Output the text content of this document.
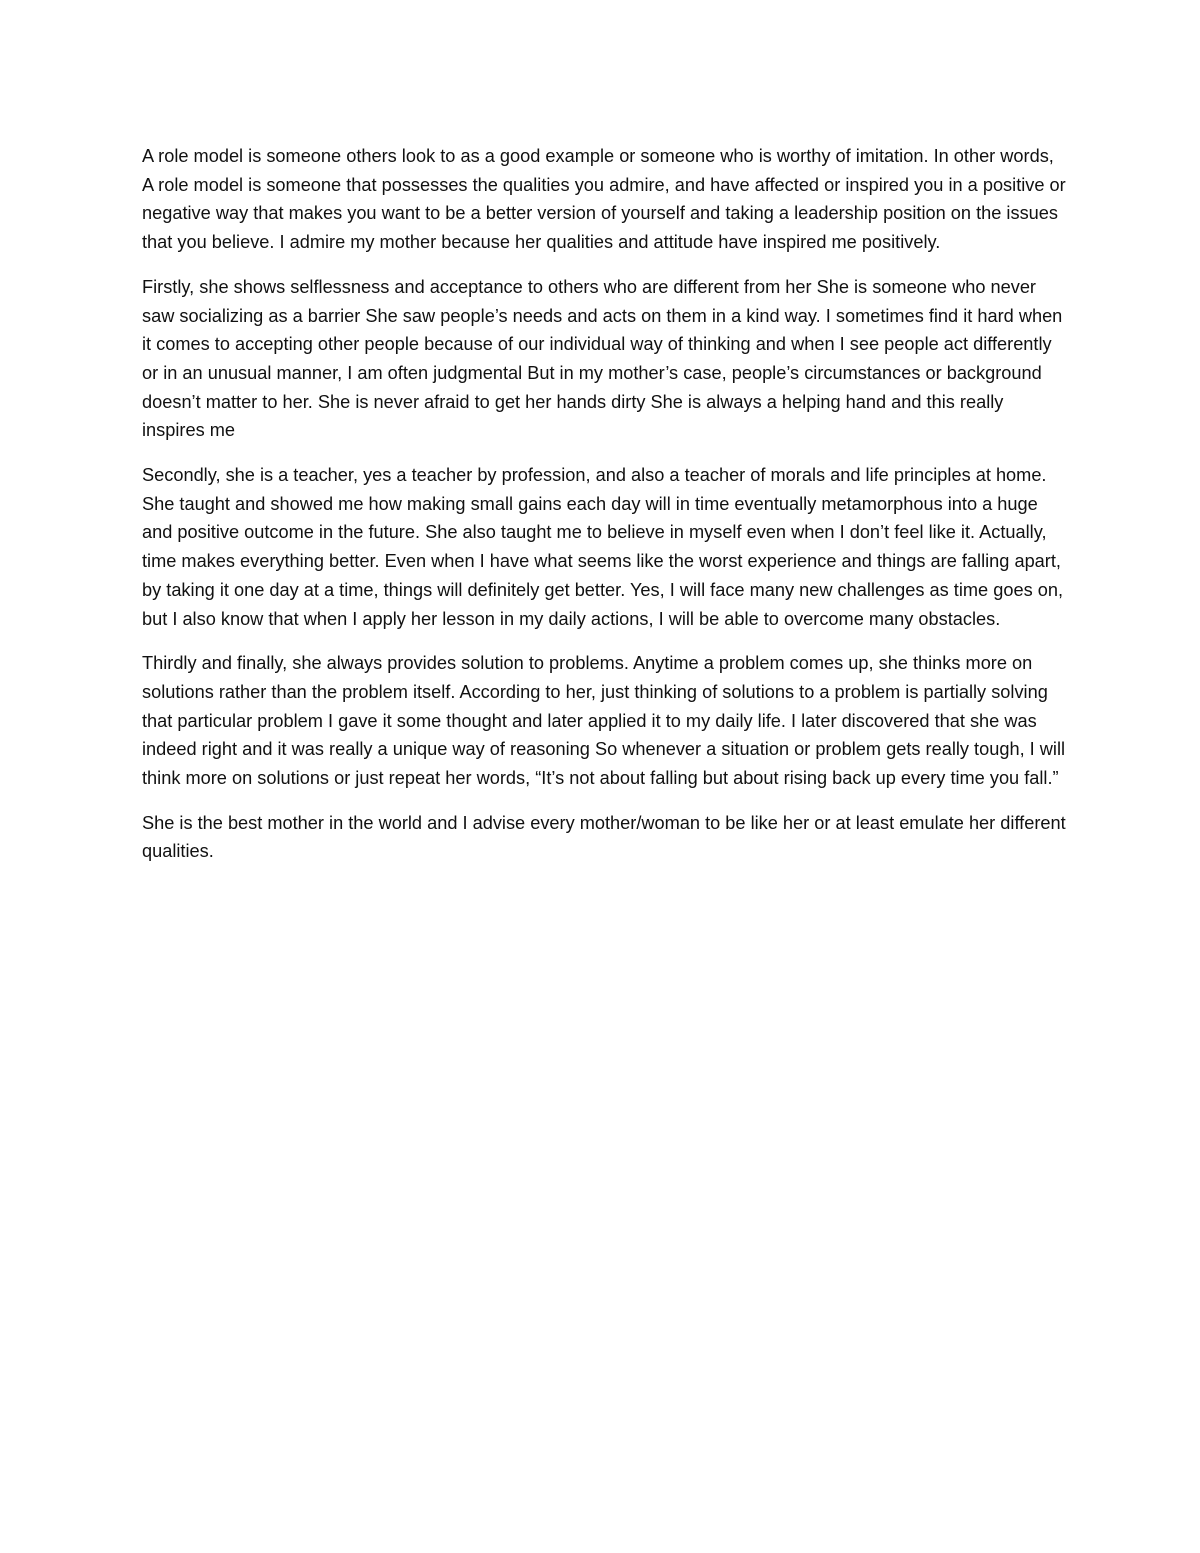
A role model is someone others look to as a good example or someone who is worthy of imitation. In other words, A role model is someone that possesses the qualities you admire, and have affected or inspired you in a positive or negative way that makes you want to be a better version of yourself and taking a leadership position on the issues that you believe. I admire my mother because her qualities and attitude have inspired me positively.

Firstly, she shows selflessness and acceptance to others who are different from her She is someone who never saw socializing as a barrier She saw people’s needs and acts on them in a kind way. I sometimes find it hard when it comes to accepting other people because of our individual way of thinking and when I see people act differently or in an unusual manner, I am often judgmental But in my mother’s case, people’s circumstances or background doesn’t matter to her. She is never afraid to get her hands dirty She is always a helping hand and this really inspires me

Secondly, she is a teacher, yes a teacher by profession, and also a teacher of morals and life principles at home. She taught and showed me how making small gains each day will in time eventually metamorphous into a huge and positive outcome in the future. She also taught me to believe in myself even when I don’t feel like it. Actually, time makes everything better. Even when I have what seems like the worst experience and things are falling apart, by taking it one day at a time, things will definitely get better. Yes, I will face many new challenges as time goes on, but I also know that when I apply her lesson in my daily actions, I will be able to overcome many obstacles.

Thirdly and finally, she always provides solution to problems. Anytime a problem comes up, she thinks more on solutions rather than the problem itself. According to her, just thinking of solutions to a problem is partially solving that particular problem I gave it some thought and later applied it to my daily life. I later discovered that she was indeed right and it was really a unique way of reasoning So whenever a situation or problem gets really tough, I will think more on solutions or just repeat her words, “It’s not about falling but about rising back up every time you fall.”

She is the best mother in the world and I advise every mother/woman to be like her or at least emulate her different qualities.
